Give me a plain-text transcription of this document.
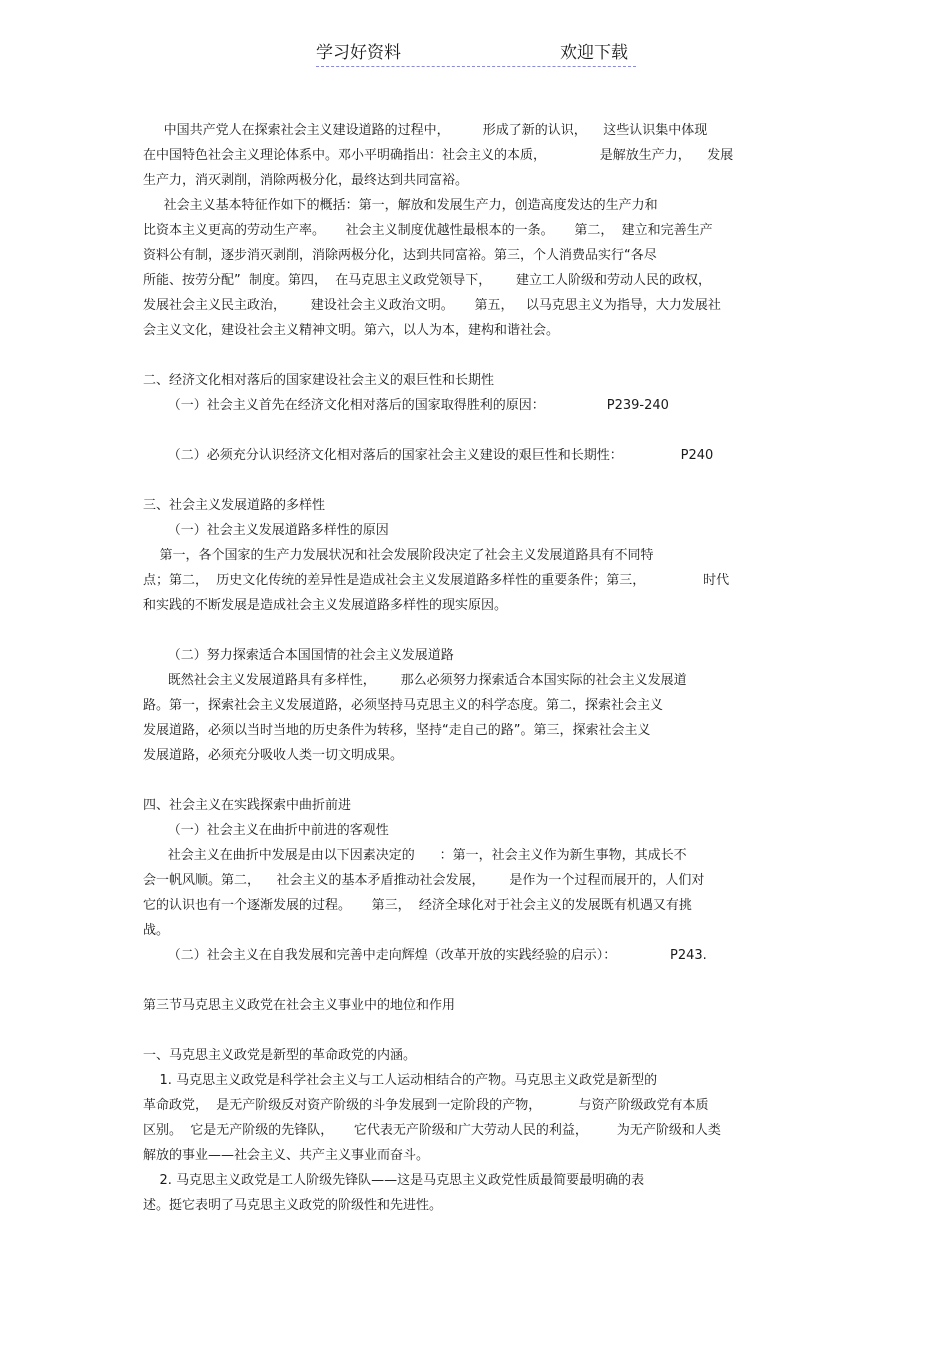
学习好资料	欢迎下载
中国共产党人在探索社会主义建设道路的过程中，        形成了新的认识，    这些认识集中体现
在中国特色社会主义理论体系中。邓小平明确指出：社会主义的本质，             是解放生产力，    发展
生产力，消灭剥削，消除两极分化，最终达到共同富裕。
社会主义基本特征作如下的概括：第一，解放和发展生产力，创造高度发达的生产力和
比资本主义更高的劳动生产率。     社会主义制度优越性最根本的一条。     第二，  建立和完善生产
资料公有制，逐步消灭剥削，消除两极分化，达到共同富裕。第三，个人消费品实行“各尽
所能、按劳分配”  制度。第四，  在马克思主义政党领导下，      建立工人阶级和劳动人民的政权，
发展社会主义民主政治，      建设社会主义政治文明。     第五，   以马克思主义为指导，大力发展社
会主义文化，建设社会主义精神文明。第六，以人为本，建构和谐社会。
二、经济文化相对落后的国家建设社会主义的艰巨性和长期性
（一）社会主义首先在经济文化相对落后的国家取得胜利的原因：               P239-240
（二）必须充分认识经济文化相对落后的国家社会主义建设的艰巨性和长期性：              P240
三、社会主义发展道路的多样性
（一）社会主义发展道路多样性的原因
第一，各个国家的生产力发展状况和社会发展阶段决定了社会主义发展道路具有不同特
点；第二，  历史文化传统的差异性是造成社会主义发展道路多样性的重要条件；第三，              时代
和实践的不断发展是造成社会主义发展道路多样性的现实原因。
（二）努力探索适合本国国情的社会主义发展道路
既然社会主义发展道路具有多样性，      那么必须努力探索适合本国实际的社会主义发展道
路。第一，探索社会主义发展道路，必须坚持马克思主义的科学态度。第二，探索社会主义
发展道路，必须以当时当地的历史条件为转移，坚持“走自己的路”。第三，探索社会主义
发展道路，必须充分吸收人类一切文明成果。
四、社会主义在实践探索中曲折前进
（一）社会主义在曲折中前进的客观性
社会主义在曲折中发展是由以下因素决定的      ：第一，社会主义作为新生事物，其成长不
会一帆风顺。第二，    社会主义的基本矛盾推动社会发展，      是作为一个过程而展开的，人们对
它的认识也有一个逐渐发展的过程。     第三，  经济全球化对于社会主义的发展既有机遇又有挑
战。
（二）社会主义在自我发展和完善中走向辉煌（改革开放的实践经验的启示）：             P243.
第三节马克思主义政党在社会主义事业中的地位和作用
一、马克思主义政党是新型的革命政党的内涵。
1. 马克思主义政党是科学社会主义与工人运动相结合的产物。马克思主义政党是新型的
革命政党，  是无产阶级反对资产阶级的斗争发展到一定阶段的产物，         与资产阶级政党有本质
区别。  它是无产阶级的先锋队，     它代表无产阶级和广大劳动人民的利益，       为无产阶级和人类
解放的事业——社会主义、共产主义事业而奋斗。
2. 马克思主义政党是工人阶级先锋队——这是马克思主义政党性质最简要最明确的表
述。挺它表明了马克思主义政党的阶级性和先进性。
